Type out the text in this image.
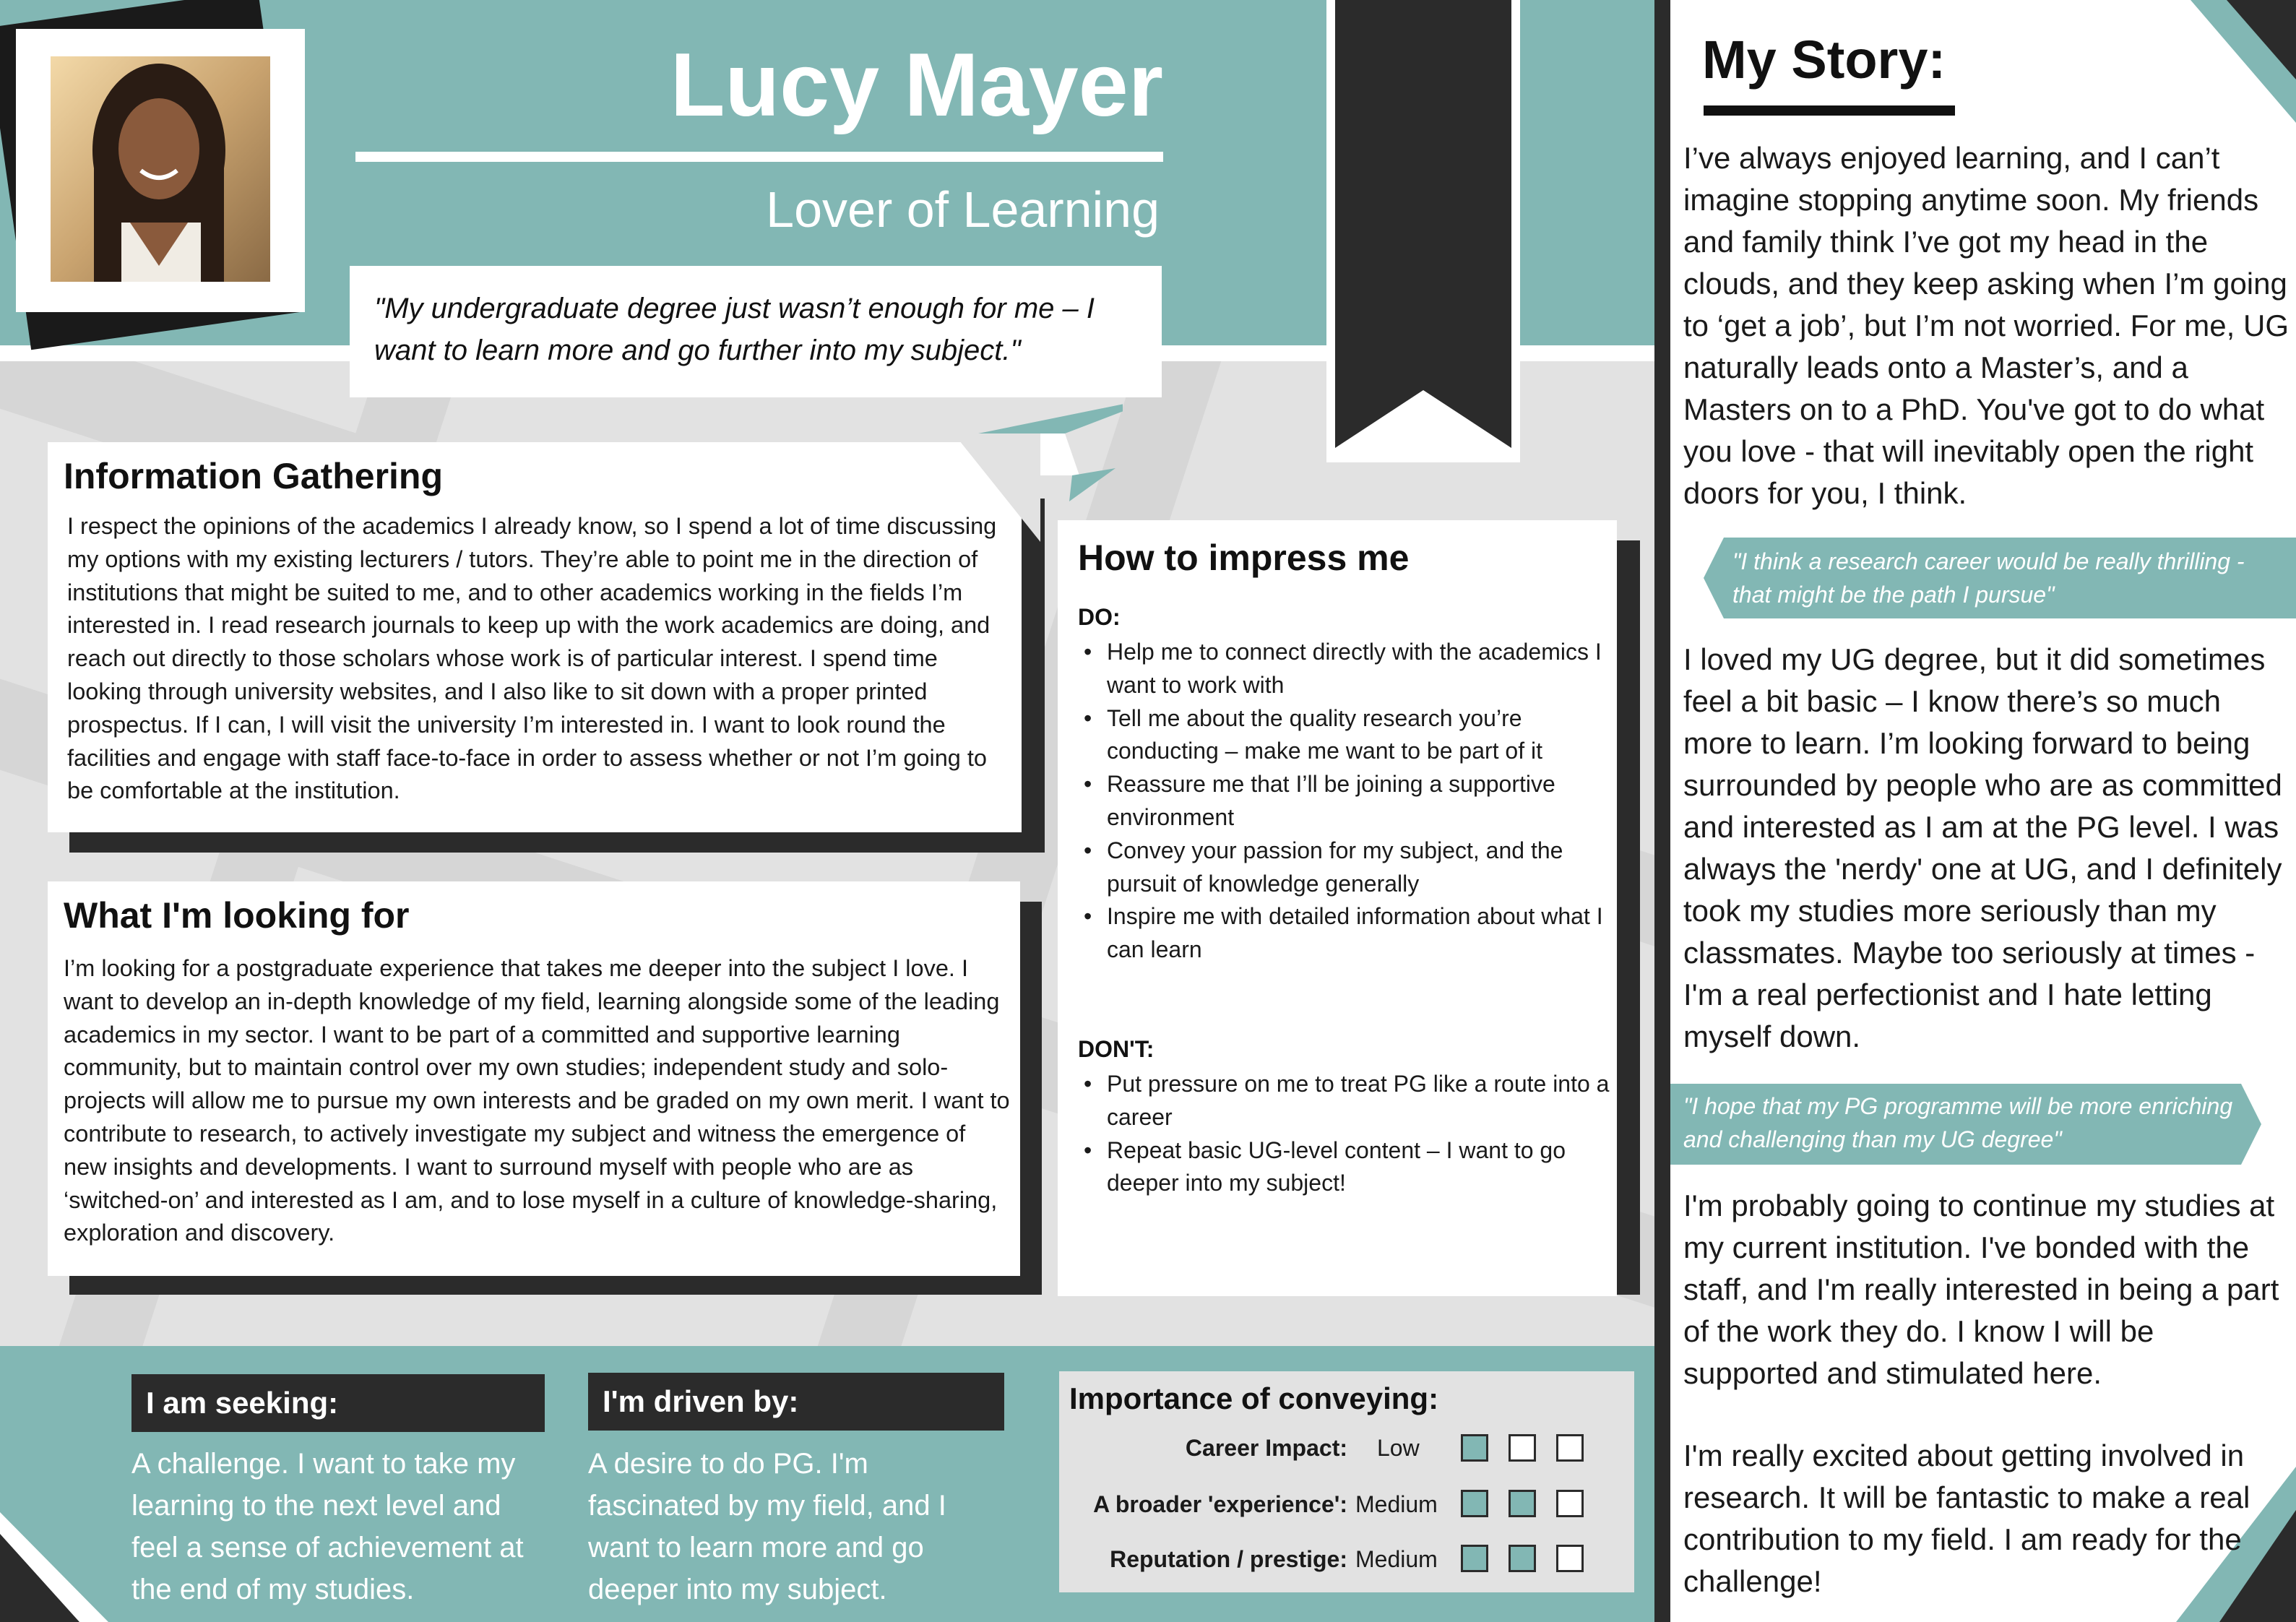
Lucy Mayer
Lover of Learning
"My undergraduate degree just wasn’t enough for me – I want to learn more and go further into my subject."
Information Gathering
I respect the opinions of the academics I already know, so I spend a lot of time discussing my options with my existing lecturers / tutors. They’re able to point me in the direction of institutions that might be suited to me, and to other academics working in the fields I’m interested in. I read research journals to keep up with the work academics are doing, and reach out directly to those scholars whose work is of particular interest. I spend time looking through university websites, and I also like to sit down with a proper printed prospectus. If I can, I will visit the university I’m interested in. I want to look round the facilities and engage with staff face-to-face in order to assess whether or not I’m going to be comfortable at the institution.
What I'm looking for
I’m looking for a postgraduate experience that takes me deeper into the subject I love. I want to develop an in-depth knowledge of my field, learning alongside some of the leading academics in my sector. I want to be part of a committed and supportive learning community, but to maintain control over my own studies; independent study and solo-projects will allow me to pursue my own interests and be graded on my own merit. I want to contribute to research, to actively investigate my subject and witness the emergence of new insights and developments. I want to surround myself with people who are as ‘switched-on’ and interested as I am, and to lose myself in a culture of knowledge-sharing, exploration and discovery.
How to impress me
DO:
• Help me to connect directly with the academics I want to work with
• Tell me about the quality research you’re conducting – make me want to be part of it
• Reassure me that I’ll be joining a supportive environment
• Convey your passion for my subject, and the pursuit of knowledge generally
• Inspire me with detailed information about what I can learn
DON'T:
• Put pressure on me to treat PG like a route into a career
• Repeat basic UG-level content – I want to go deeper into my subject!
I am seeking:
A challenge. I want to take my learning to the next level and feel a sense of achievement at the end of my studies.
I'm driven by:
A desire to do PG. I'm fascinated by my field, and I want to learn more and go deeper into my subject.
Importance of conveying:
Career Impact: Low
A broader 'experience': Medium
Reputation / prestige: Medium
My Story:
I’ve always enjoyed learning, and I can’t imagine stopping anytime soon. My friends and family think I’ve got my head in the clouds, and they keep asking when I’m going to ‘get a job’, but I’m not worried. For me, UG naturally leads onto a Master’s, and a Masters on to a PhD. You've got to do what you love - that will inevitably open the right doors for you, I think.
"I think a research career would be really thrilling - that might be the path I pursue"
I loved my UG degree, but it did sometimes feel a bit basic – I know there’s so much more to learn. I’m looking forward to being surrounded by people who are as committed and interested as I am at the PG level. I was always the 'nerdy' one at UG, and I definitely took my studies more seriously than my classmates. Maybe too seriously at times - I'm a real perfectionist and I hate letting myself down.
"I hope that my PG programme will be more enriching and challenging than my UG degree"
I'm probably going to continue my studies at my current institution. I've bonded with the staff, and I'm really interested in being a part of the work they do. I know I will be supported and stimulated here.
I'm really excited about getting involved in research. It will be fantastic to make a real contribution to my field. I am ready for the challenge!
